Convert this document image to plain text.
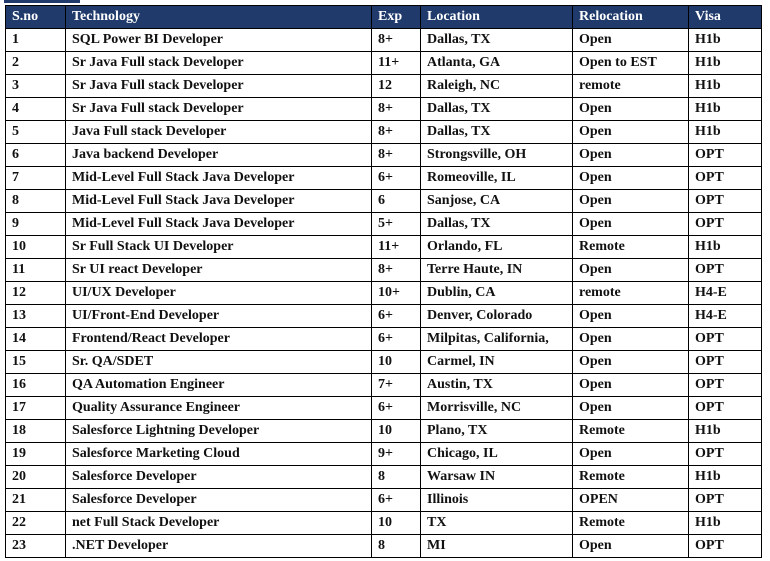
S.no	Technology	Exp	Location	Relocation	Visa
1	SQL Power BI Developer	8+	Dallas, TX	Open	H1b
2	Sr Java Full stack Developer	11+	Atlanta, GA	Open to EST	H1b
3	Sr Java Full stack Developer	12	Raleigh, NC	remote	H1b
4	Sr Java Full stack Developer	8+	Dallas, TX	Open	H1b
5	Java Full stack Developer	8+	Dallas, TX	Open	H1b
6	Java backend Developer	8+	Strongsville, OH	Open	OPT
7	Mid-Level Full Stack Java Developer	6+	Romeoville, IL	Open	OPT
8	Mid-Level Full Stack Java Developer	6	Sanjose, CA	Open	OPT
9	Mid-Level Full Stack Java Developer	5+	Dallas, TX	Open	OPT
10	Sr Full Stack UI Developer	11+	Orlando, FL	Remote	H1b
11	Sr UI react Developer	8+	Terre Haute, IN	Open	OPT
12	UI/UX Developer	10+	Dublin, CA	remote	H4-E
13	UI/Front-End Developer	6+	Denver, Colorado	Open	H4-E
14	Frontend/React Developer	6+	Milpitas, California,	Open	OPT
15	Sr. QA/SDET	10	Carmel, IN	Open	OPT
16	QA Automation Engineer	7+	Austin, TX	Open	OPT
17	Quality Assurance Engineer	6+	Morrisville, NC	Open	OPT
18	Salesforce Lightning Developer	10	Plano, TX	Remote	H1b
19	Salesforce Marketing Cloud	9+	Chicago, IL	Open	OPT
20	Salesforce Developer	8	Warsaw IN	Remote	H1b
21	Salesforce Developer	6+	Illinois	OPEN	OPT
22	net Full Stack Developer	10	TX	Remote	H1b
23	.NET Developer	8	MI	Open	OPT
